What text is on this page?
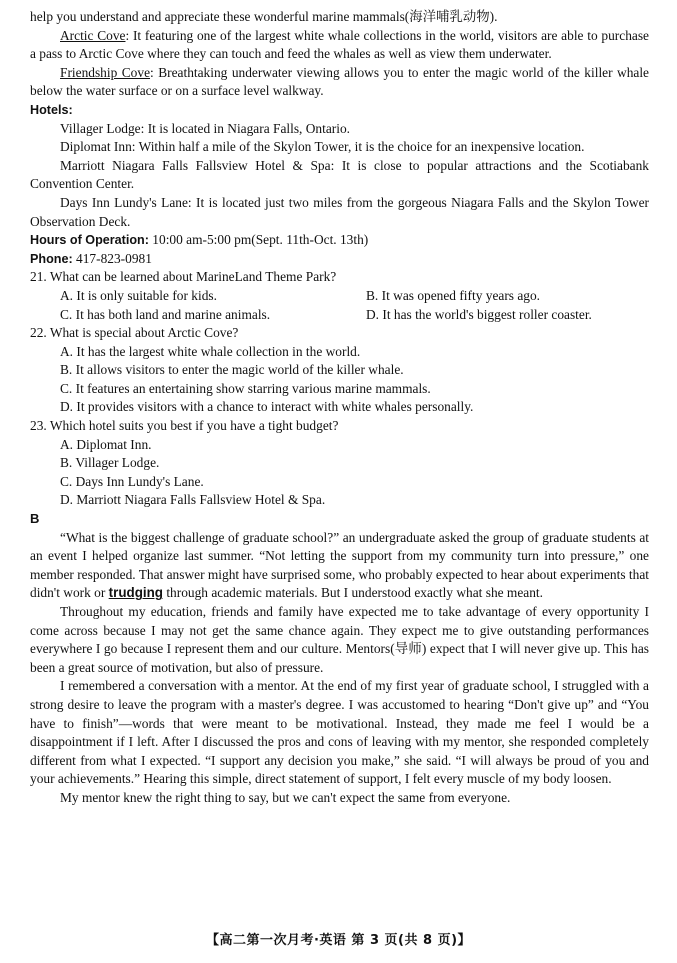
help you understand and appreciate these wonderful marine mammals(海洋哺乳动物).

Arctic Cove: It featuring one of the largest white whale collections in the world, visitors are able to purchase a pass to Arctic Cove where they can touch and feed the whales as well as view them underwater.

Friendship Cove: Breathtaking underwater viewing allows you to enter the magic world of the killer whale below the water surface or on a surface level walkway.

Hotels:

Villager Lodge: It is located in Niagara Falls, Ontario.

Diplomat Inn: Within half a mile of the Skylon Tower, it is the choice for an inexpensive location.

Marriott Niagara Falls Fallsview Hotel & Spa: It is close to popular attractions and the Scotiabank Convention Center.

Days Inn Lundy's Lane: It is located just two miles from the gorgeous Niagara Falls and the Skylon Tower Observation Deck.

Hours of Operation: 10:00 am-5:00 pm(Sept. 11th-Oct. 13th)

Phone: 417-823-0981

21. What can be learned about MarineLand Theme Park?

A. It is only suitable for kids.	B. It was opened fifty years ago.
C. It has both land and marine animals.	D. It has the world's biggest roller coaster.

22. What is special about Arctic Cove?

A. It has the largest white whale collection in the world.

B. It allows visitors to enter the magic world of the killer whale.

C. It features an entertaining show starring various marine mammals.

D. It provides visitors with a chance to interact with white whales personally.

23. Which hotel suits you best if you have a tight budget?

A. Diplomat Inn.

B. Villager Lodge.

C. Days Inn Lundy's Lane.

D. Marriott Niagara Falls Fallsview Hotel & Spa.

B

“What is the biggest challenge of graduate school?” an undergraduate asked the group of graduate students at an event I helped organize last summer. “Not letting the support from my community turn into pressure,” one member responded. That answer might have surprised some, who probably expected to hear about experiments that didn't work or trudging through academic materials. But I understood exactly what she meant.

Throughout my education, friends and family have expected me to take advantage of every opportunity I come across because I may not get the same chance again. They expect me to give outstanding performances everywhere I go because I represent them and our culture. Mentors(导师) expect that I will never give up. This has been a great source of motivation, but also of pressure.

I remembered a conversation with a mentor. At the end of my first year of graduate school, I struggled with a strong desire to leave the program with a master's degree. I was accustomed to hearing “Don't give up” and “You have to finish”—words that were meant to be motivational. Instead, they made me feel I would be a disappointment if I left. After I discussed the pros and cons of leaving with my mentor, she responded completely different from what I expected. “I support any decision you make,” she said. “I will always be proud of you and your achievements.” Hearing this simple, direct statement of support, I felt every muscle of my body loosen.

My mentor knew the right thing to say, but we can't expect the same from everyone.

【高二第一次月考·英语 第 3 页(共 8 页)】
